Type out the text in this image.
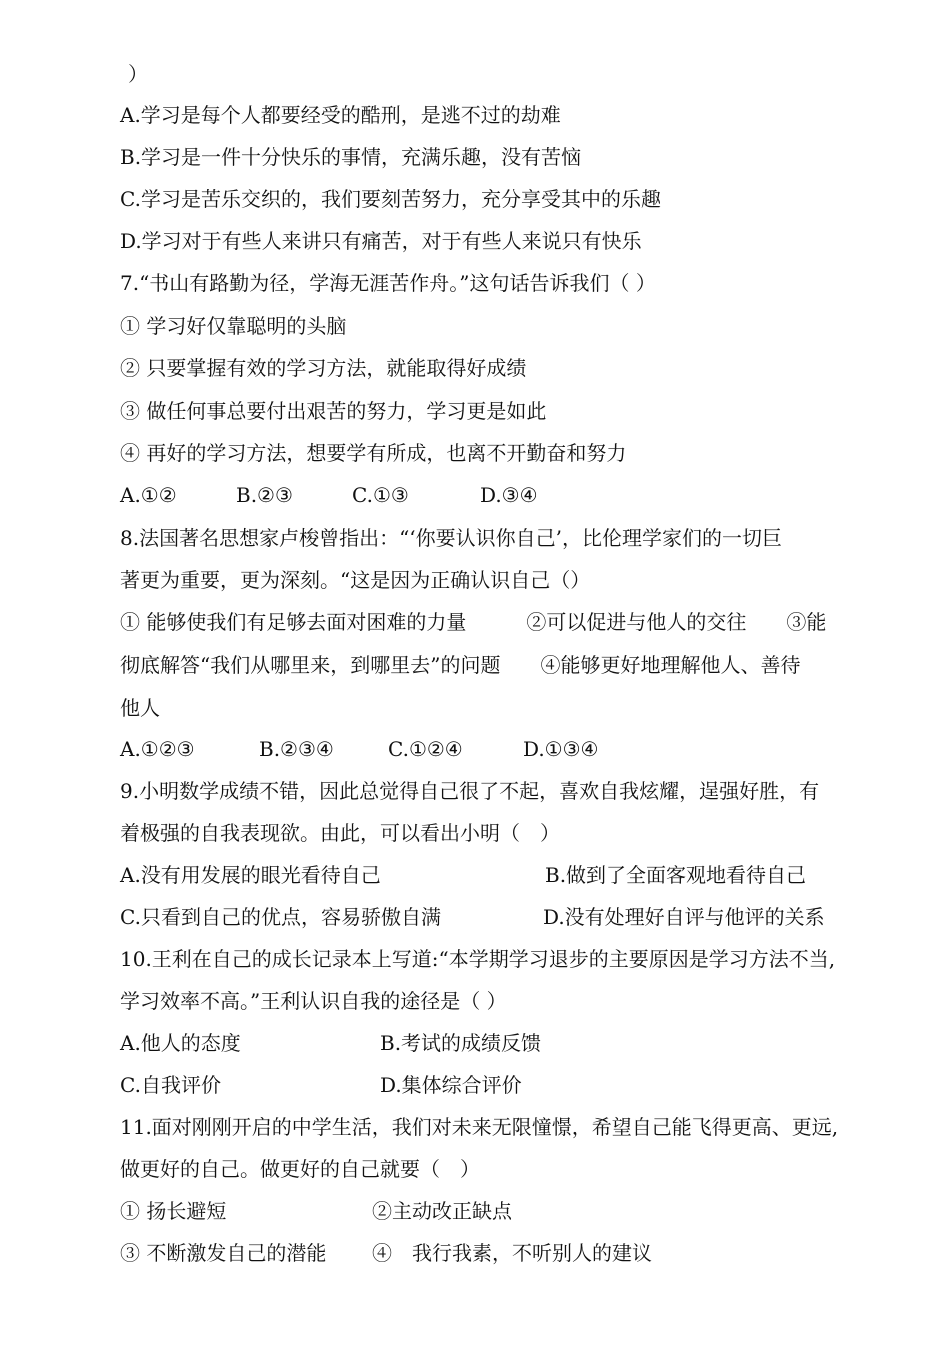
）
A.学习是每个人都要经受的酷刑，是逃不过的劫难
B.学习是一件十分快乐的事情，充满乐趣，没有苦恼
C.学习是苦乐交织的，我们要刻苦努力，充分享受其中的乐趣
D.学习对于有些人来讲只有痛苦，对于有些人来说只有快乐
7.“书山有路勤为径，学海无涯苦作舟。”这句话告诉我们（ ）
① 学习好仅靠聪明的头脑
② 只要掌握有效的学习方法，就能取得好成绩
③ 做任何事总要付出艰苦的努力，学习更是如此
④ 再好的学习方法，想要学有所成，也离不开勤奋和努力
A.①②	B.②③	C.①③	D.③④
8.法国著名思想家卢梭曾指出：“‘你要认识你自己’，比伦理学家们的一切巨
著更为重要，更为深刻。“这是因为正确认识自己（）
① 能够使我们有足够去面对困难的力量　　　②可以促进与他人的交往　　③能
彻底解答“我们从哪里来，到哪里去”的问题　　④能够更好地理解他人、善待
他人
A.①②③	B.②③④	C.①②④	D.①③④
9.小明数学成绩不错，因此总觉得自己很了不起，喜欢自我炫耀，逞强好胜，有
着极强的自我表现欲。由此，可以看出小明（　）
A.没有用发展的眼光看待自己	B.做到了全面客观地看待自己
C.只看到自己的优点，容易骄傲自满	D.没有处理好自评与他评的关系
10.王利在自己的成长记录本上写道:“本学期学习退步的主要原因是学习方法不当,
学习效率不高。”王利认识自我的途径是（ ）
A.他人的态度	B.考试的成绩反馈
C.自我评价	D.集体综合评价
11.面对刚刚开启的中学生活，我们对未来无限憧憬，希望自己能飞得更高、更远,
做更好的自己。做更好的自己就要（　）
① 扬长避短	②主动改正缺点
③ 不断激发自己的潜能 ④　我行我素，不听别人的建议
